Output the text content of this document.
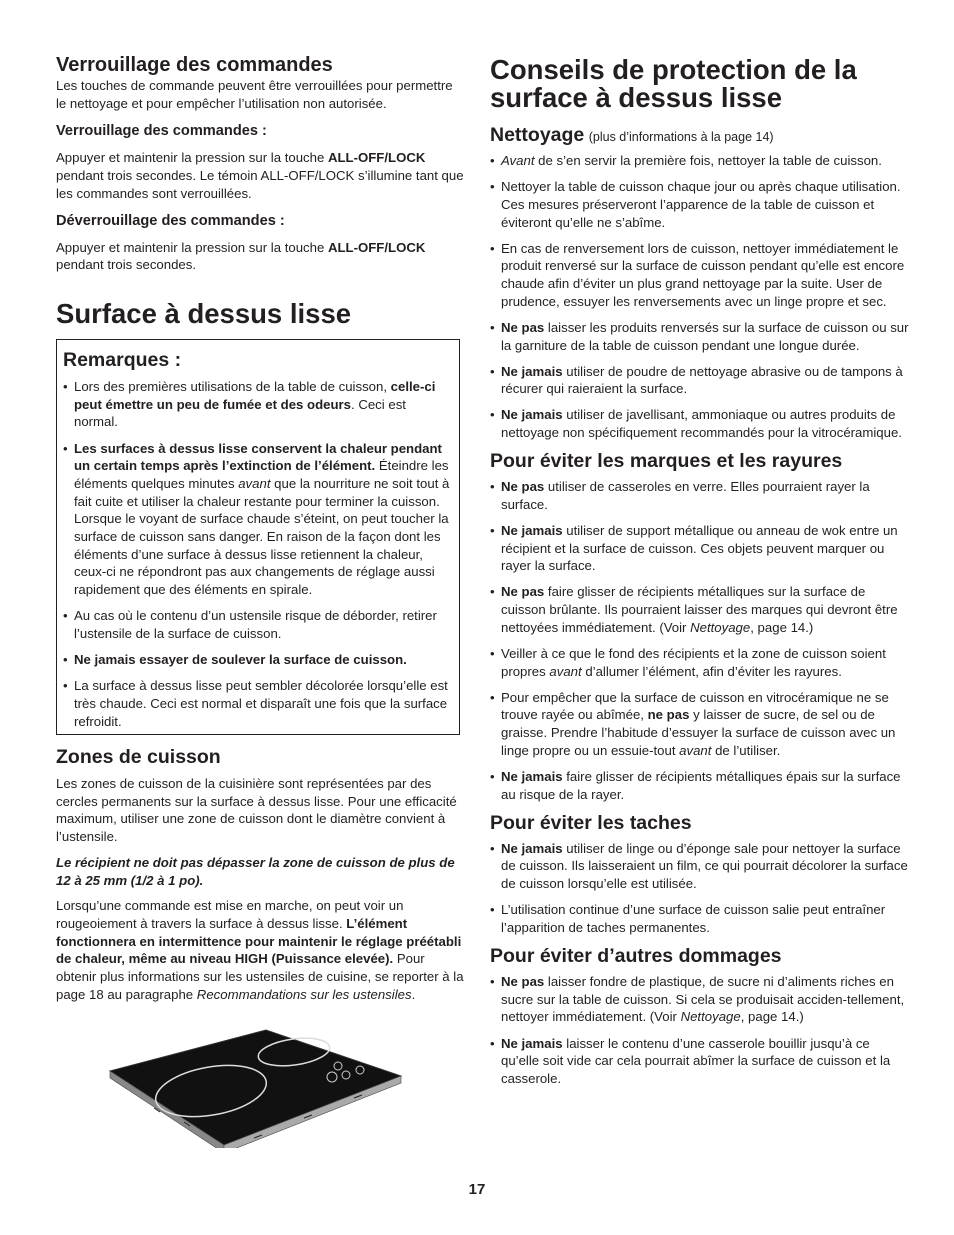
Verrouillage des commandes

Les touches de commande peuvent être verrouillées pour permettre le nettoyage et pour empêcher l’utilisation non autorisée.

Verrouillage des commandes :

Appuyer et maintenir la pression sur la touche ALL-OFF/LOCK pendant trois secondes. Le témoin ALL-OFF/LOCK s’illumine tant que les commandes sont verrouillées.

Déverrouillage des commandes :

Appuyer et maintenir la pression sur la touche ALL-OFF/LOCK pendant trois secondes.

Surface à dessus lisse
Remarques :
• Lors des premières utilisations de la table de cuisson, celle-ci peut émettre un peu de fumée et des odeurs. Ceci est normal.
• Les surfaces à dessus lisse conservent la chaleur pendant un certain temps après l’extinction de l’élément. Éteindre les éléments quelques minutes avant que la nourriture ne soit tout à fait cuite et utiliser la chaleur restante pour terminer la cuisson. Lorsque le voyant de surface chaude s’éteint, on peut toucher la surface de cuisson sans danger. En raison de la façon dont les éléments d’une surface à dessus lisse retiennent la chaleur, ceux-ci ne répondront pas aux changements de réglage aussi rapidement que des éléments en spirale.
• Au cas où le contenu d’un ustensile risque de déborder, retirer l’ustensile de la surface de cuisson.
• Ne jamais essayer de soulever la surface de cuisson.
• La surface à dessus lisse peut sembler décolorée lorsqu’elle est très chaude. Ceci est normal et disparaît une fois que la surface refroidit.
Zones de cuisson

Les zones de cuisson de la cuisinière sont représentées par des cercles permanents sur la surface à dessus lisse. Pour une efficacité maximum, utiliser une zone de cuisson dont le diamètre convient à l’ustensile.

Le récipient ne doit pas dépasser la zone de cuisson de plus de 12 à 25 mm (1/2 à 1 po).

Lorsqu’une commande est mise en marche, on peut voir un rougeoiement à travers la surface à dessus lisse. L’élément fonctionnera en intermittence pour maintenir le réglage préétabli de chaleur, même au niveau HIGH (Puissance elevée). Pour obtenir plus informations sur les ustensiles de cuisine, se reporter à la page 18 au paragraphe Recommandations sur les ustensiles.

Conseils de protection de la surface à dessus lisse
Nettoyage (plus d’informations à la page 14)
• Avant de s’en servir la première fois, nettoyer la table de cuisson.
• Nettoyer la table de cuisson chaque jour ou après chaque utilisation. Ces mesures préserveront l’apparence de la table de cuisson et éviteront qu’elle ne s’abîme.
• En cas de renversement lors de cuisson, nettoyer immédiatement le produit renversé sur la surface de cuisson pendant qu’elle est encore chaude afin d’éviter un plus grand nettoyage par la suite. User de prudence, essuyer les renversements avec un linge propre et sec.
• Ne pas laisser les produits renversés sur la surface de cuisson ou sur la garniture de la table de cuisson pendant une longue durée.
• Ne jamais utiliser de poudre de nettoyage abrasive ou de tampons à récurer qui raieraient la surface.
• Ne jamais utiliser de javellisant, ammoniaque ou autres produits de nettoyage non spécifiquement recommandés pour la vitrocéramique.
Pour éviter les marques et les rayures
• Ne pas utiliser de casseroles en verre. Elles pourraient rayer la surface.
• Ne jamais utiliser de support métallique ou anneau de wok entre un récipient et la surface de cuisson. Ces objets peuvent marquer ou rayer la surface.
• Ne pas faire glisser de récipients métalliques sur la surface de cuisson brûlante. Ils pourraient laisser des marques qui devront être nettoyées immédiatement. (Voir Nettoyage, page 14.)
• Veiller à ce que le fond des récipients et la zone de cuisson soient propres avant d’allumer l’élément, afin d’éviter les rayures.
• Pour empêcher que la surface de cuisson en vitrocéramique ne se trouve rayée ou abîmée, ne pas y laisser de sucre, de sel ou de graisse. Prendre l’habitude d’essuyer la surface de cuisson avec un linge propre ou un essuie-tout avant de l’utiliser.
• Ne jamais faire glisser de récipients métalliques épais sur la surface au risque de la rayer.
Pour éviter les taches
• Ne jamais utiliser de linge ou d’éponge sale pour nettoyer la surface de cuisson. Ils laisseraient un film, ce qui pourrait décolorer la surface de cuisson lorsqu’elle est utilisée.
• L’utilisation continue d’une surface de cuisson salie peut entraîner l’apparition de taches permanentes.
Pour éviter d’autres dommages
• Ne pas laisser fondre de plastique, de sucre ni d’aliments riches en sucre sur la table de cuisson. Si cela se produisait acciden-tellement, nettoyer immédiatement. (Voir Nettoyage, page 14.)
• Ne jamais laisser le contenu d’une casserole bouillir jusqu’à ce qu’elle soit vide car cela pourrait abîmer la surface de cuisson et la casserole.
17
